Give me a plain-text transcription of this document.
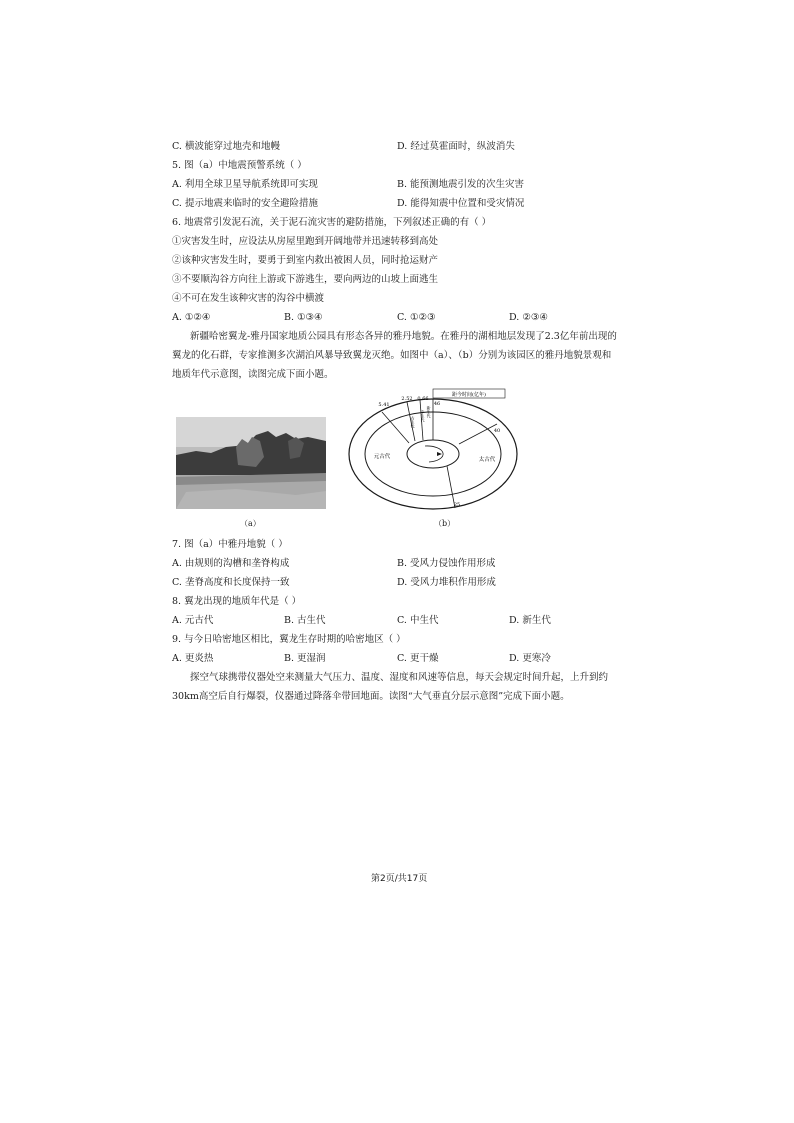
C. 横波能穿过地壳和地幔	D. 经过莫霍面时，纵波消失
5. 图（a）中地震预警系统（ ）
A. 利用全球卫星导航系统即可实现	B. 能预测地震引发的次生灾害
C. 提示地震来临时的安全避险措施	D. 能得知震中位置和受灾情况
6. 地震常引发泥石流，关于泥石流灾害的避防措施，下列叙述正确的有（ ）
①灾害发生时，应设法从房屋里跑到开阔地带并迅速转移到高处
②该种灾害发生时，要勇于到室内救出被困人员，同时抢运财产
③不要顺沟谷方向往上游或下游逃生，要向两边的山坡上面逃生
④不可在发生该种灾害的沟谷中横渡
A. ①②④	B. ①③④	C. ①②③	D. ②③④
新疆哈密翼龙-雅丹国家地质公园具有形态各异的雅丹地貌。在雅丹的湖相地层发现了2.3亿年前出现的翼龙的化石群，专家推测多次湖泊风暴导致翼龙灭绝。如图中（a）、（b）分别为该园区的雅丹地貌景观和地质年代示意图，读图完成下面小题。
（a）
距今时间(亿年)
5.41
2.52 0.66
46
40
25
古生代 中生代 新生代
元古代	太古代
（b）
7. 图（a）中雅丹地貌（ ）
A. 由规则的沟槽和垄脊构成	B. 受风力侵蚀作用形成
C. 垄脊高度和长度保持一致	D. 受风力堆积作用形成
8. 翼龙出现的地质年代是（ ）
A. 元古代	B. 古生代	C. 中生代	D. 新生代
9. 与今日哈密地区相比，翼龙生存时期的哈密地区（ ）
A. 更炎热	B. 更湿润	C. 更干燥	D. 更寒冷
探空气球携带仪器处空来测量大气压力、温度、湿度和风速等信息，每天会规定时间升起，上升到约30km高空后自行爆裂，仪器通过降落伞带回地面。读图“大气垂直分层示意图”完成下面小题。
第2页/共17页
